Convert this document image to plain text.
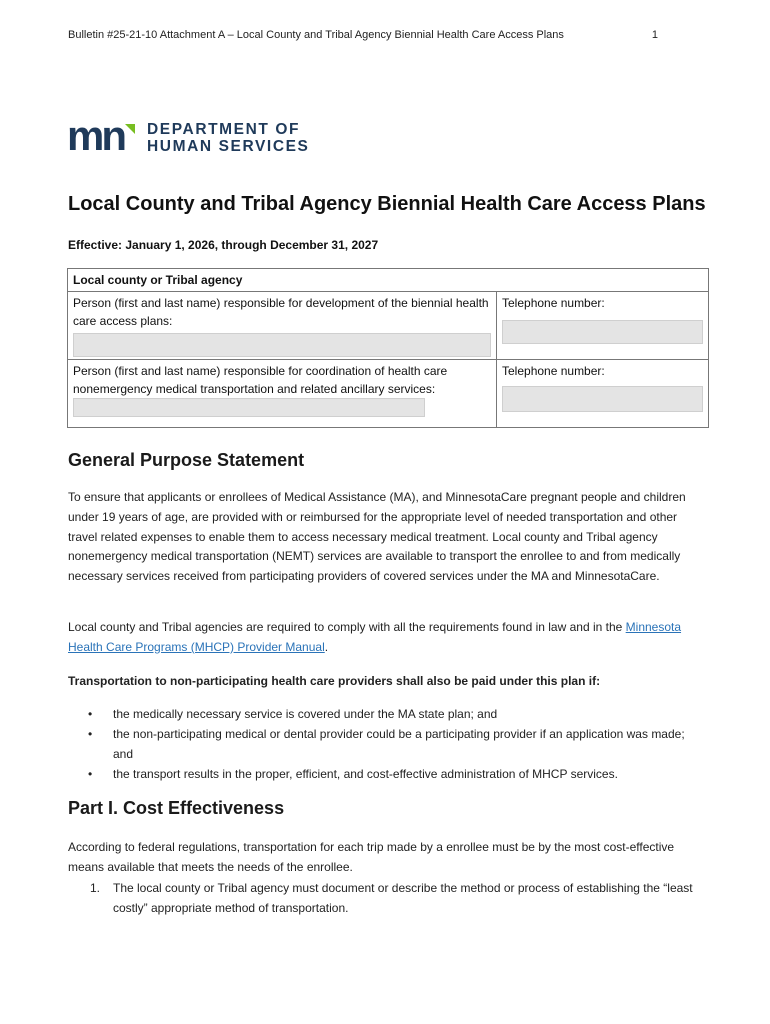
Bulletin #25-21-10 Attachment A – Local County and Tribal Agency Biennial Health Care Access Plans	1
mn DEPARTMENT OF
HUMAN SERVICES
Local County and Tribal Agency Biennial Health Care Access Plans
Effective: January 1, 2026, through December 31, 2027
Local county or Tribal agency	
Person (first and last name) responsible for development of the biennial health care access plans:	Telephone number:

Person (first and last name) responsible for coordination of health care nonemergency medical transportation and related ancillary services:	Telephone number:
General Purpose Statement

To ensure that applicants or enrollees of Medical Assistance (MA), and MinnesotaCare pregnant people and children under 19 years of age, are provided with or reimbursed for the appropriate level of needed transportation and other travel related expenses to enable them to access necessary medical treatment. Local county and Tribal agency nonemergency medical transportation (NEMT) services are available to transport the enrollee to and from medically necessary services received from participating providers of covered services under the MA and MinnesotaCare.

Local county and Tribal agencies are required to comply with all the requirements found in law and in the Minnesota Health Care Programs (MHCP) Provider Manual.

Transportation to non-participating health care providers shall also be paid under this plan if:

• the medically necessary service is covered under the MA state plan; and
• the non-participating medical or dental provider could be a participating provider if an application was made; and
• the transport results in the proper, efficient, and cost-effective administration of MHCP services.
Part I. Cost Effectiveness

According to federal regulations, transportation for each trip made by a enrollee must be by the most cost-effective means available that meets the needs of the enrollee.

1. The local county or Tribal agency must document or describe the method or process of establishing the “least costly” appropriate method of transportation.
